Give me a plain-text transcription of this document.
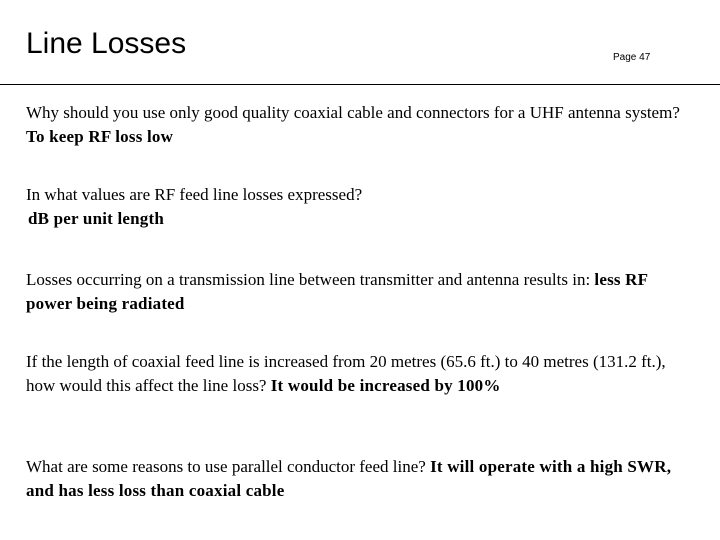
Line Losses	Page 47

Why should you use only good quality coaxial cable and connectors for a UHF antenna system?  To keep RF loss low

In what values are RF feed line losses expressed?
dB per unit length

Losses occurring on a transmission line between transmitter and antenna results in: less RF power being radiated

If the length of coaxial feed line is increased from 20 metres (65.6 ft.) to 40 metres (131.2 ft.), how would this affect the line loss? It would be increased by 100%

What are some reasons to use parallel conductor feed line? It will operate with a high SWR, and has less loss than coaxial cable
